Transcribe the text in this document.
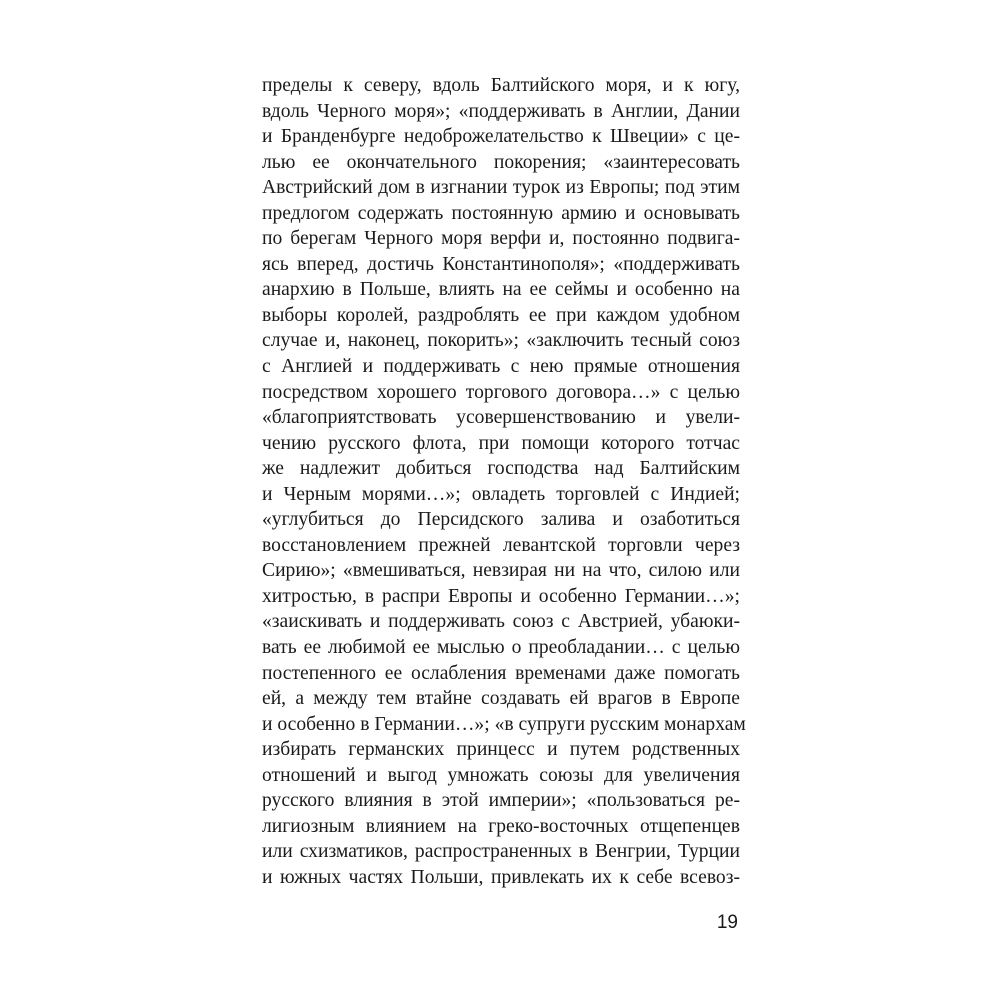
пределы к северу, вдоль Балтийского моря, и к югу,
вдоль Черного моря»; «поддерживать в Англии, Дании
и Бранденбурге недоброжелательство к Швеции» с це-
лью ее окончательного покорения; «заинтересовать
Австрийский дом в изгнании турок из Европы; под этим
предлогом содержать постоянную армию и основывать
по берегам Черного моря верфи и, постоянно подвига-
ясь вперед, достичь Константинополя»; «поддерживать
анархию в Польше, влиять на ее сеймы и особенно на
выборы королей, раздроблять ее при каждом удобном
случае и, наконец, покорить»; «заключить тесный союз
с Англией и поддерживать с нею прямые отношения
посредством хорошего торгового договора…» с целью
«благоприятствовать усовершенствованию и увели-
чению русского флота, при помощи которого тотчас
же надлежит добиться господства над Балтийским
и Черным морями…»; овладеть торговлей с Индией;
«углубиться до Персидского залива и озаботиться
восстановлением прежней левантской торговли через
Сирию»; «вмешиваться, невзирая ни на что, силою или
хитростью, в распри Европы и особенно Германии…»;
«заискивать и поддерживать союз с Австрией, убаюки-
вать ее любимой ее мыслью о преобладании… с целью
постепенного ее ослабления временами даже помогать
ей, а между тем втайне создавать ей врагов в Европе
и особенно в Германии…»; «в супруги русским монархам
избирать германских принцесс и путем родственных
отношений и выгод умножать союзы для увеличения
русского влияния в этой империи»; «пользоваться ре-
лигиозным влиянием на греко-восточных отщепенцев
или схизматиков, распространенных в Венгрии, Турции
и южных частях Польши, привлекать их к себе всевоз-
19
